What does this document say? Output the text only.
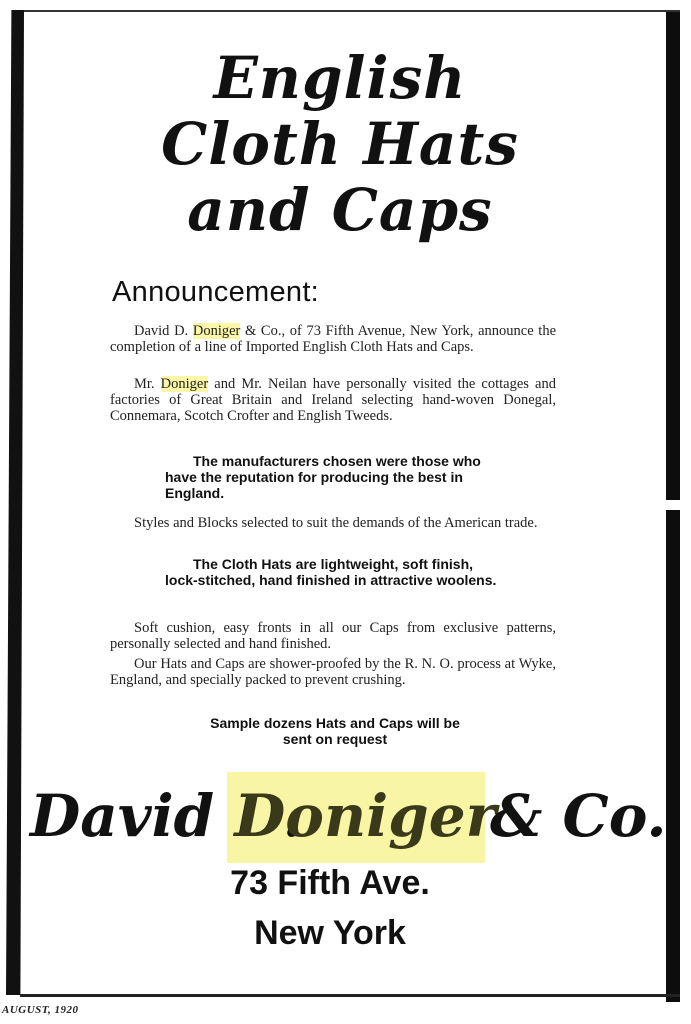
English
Cloth Hats
and Caps
Announcement:

David D. Doniger & Co., of 73 Fifth Avenue, New York, announce the completion of a line of Imported English Cloth Hats and Caps.

Mr. Doniger and Mr. Neilan have personally visited the cottages and factories of Great Britain and Ireland selecting hand-woven Donegal, Connemara, Scotch Crofter and English Tweeds.

The manufacturers chosen were those who have the reputation for producing the best in England.

Styles and Blocks selected to suit the demands of the American trade.

The Cloth Hats are lightweight, soft finish, lock-stitched, hand finished in attractive woolens.

Soft cushion, easy fronts in all our Caps from exclusive patterns, personally selected and hand finished.

Our Hats and Caps are shower-proofed by the R. N. O. process at Wyke, England, and specially packed to prevent crushing.

Sample dozens Hats and Caps will be sent on request
David D.
Doniger
& Co.
73 Fifth Ave.
New York
AUGUST, 1920
